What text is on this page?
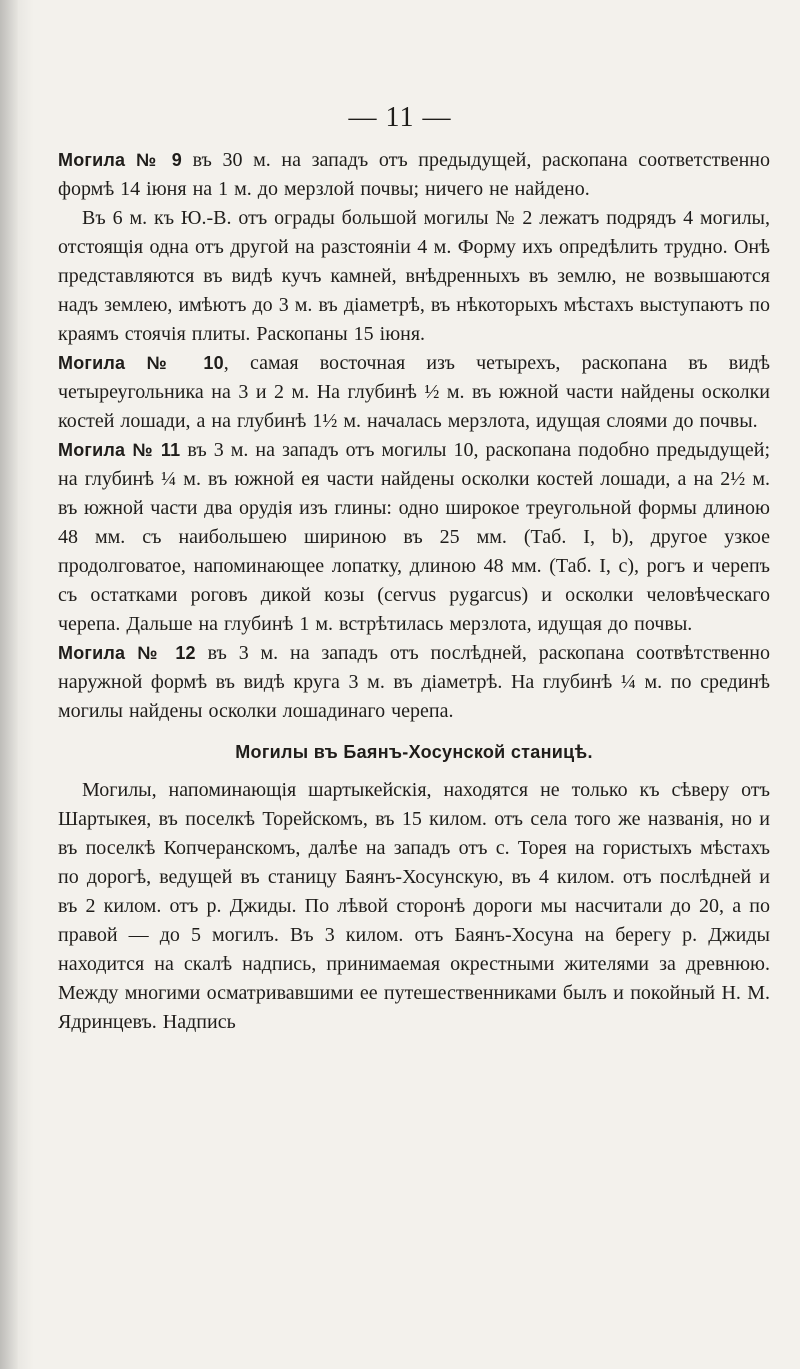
— 11 —

Могила № 9 въ 30 м. на западъ отъ предыдущей, раскопана соответственно формѣ 14 іюня на 1 м. до мерзлой почвы; ничего не найдено.

Въ 6 м. къ Ю.-В. отъ ограды большой могилы № 2 лежатъ подрядъ 4 могилы, отстоящія одна отъ другой на разстояніи 4 м. Форму ихъ опредѣлить трудно. Онѣ представляются въ видѣ кучъ камней, внѣдренныхъ въ землю, не возвышаются надъ землею, имѣютъ до 3 м. въ діаметрѣ, въ нѣкоторыхъ мѣстахъ выступаютъ по краямъ стоячія плиты. Раскопаны 15 іюня.

Могила № 10, самая восточная изъ четырехъ, раскопана въ видѣ четыреугольника на 3 и 2 м. На глубинѣ ½ м. въ южной части найдены осколки костей лошади, а на глубинѣ 1½ м. началась мерзлота, идущая слоями до почвы.

Могила № 11 въ 3 м. на западъ отъ могилы 10, раскопана подобно предыдущей; на глубинѣ ¼ м. въ южной ея части найдены осколки костей лошади, а на 2½ м. въ южной части два орудія изъ глины: одно широкое треугольной формы длиною 48 мм. съ наибольшею шириною въ 25 мм. (Таб. I, b), другое узкое продолговатое, напоминающее лопатку, длиною 48 мм. (Таб. I, c), рогъ и черепъ съ остатками роговъ дикой козы (cervus pygarcus) и осколки человѣческаго черепа. Дальше на глубинѣ 1 м. встрѣтилась мерзлота, идущая до почвы.

Могила № 12 въ 3 м. на западъ отъ послѣдней, раскопана соотвѣтственно наружной формѣ въ видѣ круга 3 м. въ діаметрѣ. На глубинѣ ¼ м. по срединѣ могилы найдены осколки лошадинаго черепа.

Могилы въ Баянъ-Хосунской станицѣ.

Могилы, напоминающія шартыкейскія, находятся не только къ сѣверу отъ Шартыкея, въ поселкѣ Торейскомъ, въ 15 килом. отъ села того же названія, но и въ поселкѣ Копчеранскомъ, далѣе на западъ отъ с. Торея на гористыхъ мѣстахъ по дорогѣ, ведущей въ станицу Баянъ-Хосунскую, въ 4 килом. отъ послѣдней и въ 2 килом. отъ р. Джиды. По лѣвой сторонѣ дороги мы насчитали до 20, а по правой — до 5 могилъ. Въ 3 килом. отъ Баянъ-Хосуна на берегу р. Джиды находится на скалѣ надпись, принимаемая окрестными жителями за древнюю. Между многими осматривавшими ее путешественниками былъ и покойный Н. М. Ядринцевъ. Надпись
